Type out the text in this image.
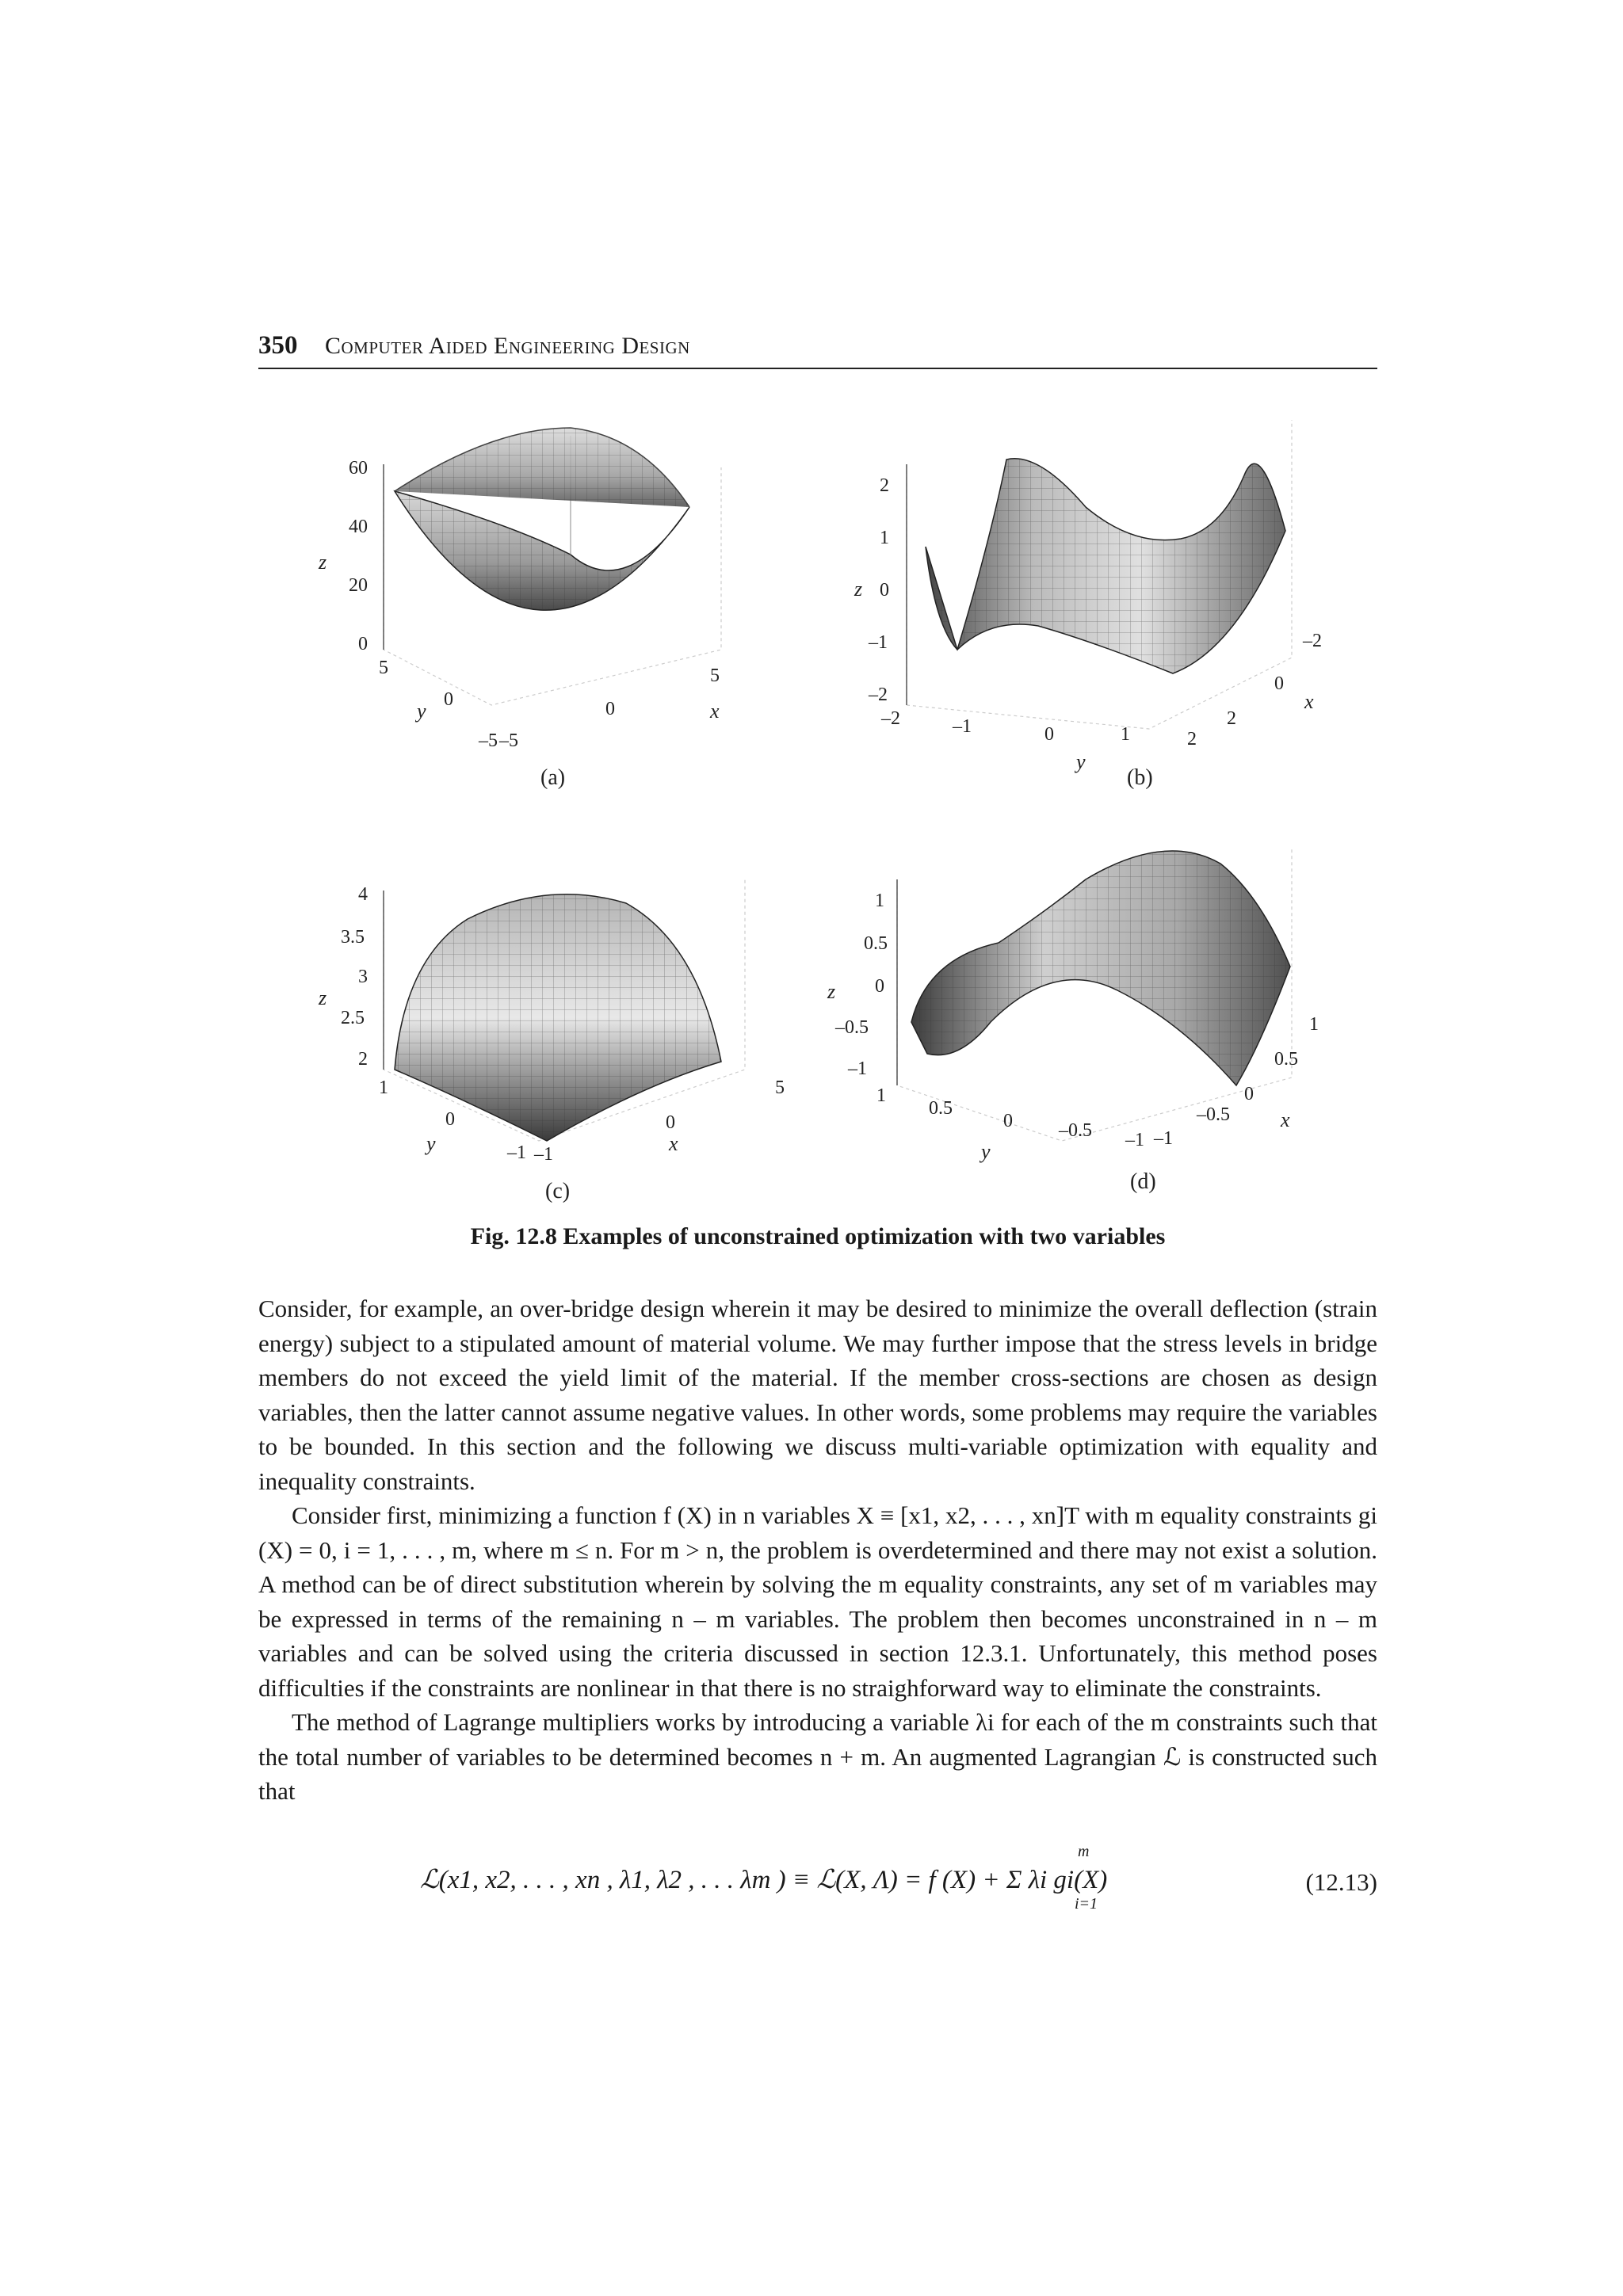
350 Computer Aided Engineering Design
60
40
20
0
z
5
0
–5
y
–5
0
5
x
(a)
2
1
0
–1
–2
z
–2	–1	0	1	2
y
2
0
–2
x
(b)
4
3.5
3
2.5
2
z
1
0
–1
y	–1
0
5
x
(c)
1
0.5
0
–0.5
–1
z
1
0.5
0 –0.5 –1
y
–1
–0.5
0
0.5
1
x
(d)
Fig. 12.8 Examples of unconstrained optimization with two variables

Consider, for example, an over-bridge design wherein it may be desired to minimize the overall deflection (strain energy) subject to a stipulated amount of material volume. We may further impose that the stress levels in bridge members do not exceed the yield limit of the material. If the member cross-sections are chosen as design variables, then the latter cannot assume negative values. In other words, some problems may require the variables to be bounded. In this section and the following we discuss multi-variable optimization with equality and inequality constraints.

Consider first, minimizing a function f (X) in n variables X ≡ [x1, x2, . . . , xn]T with m equality constraints gi (X) = 0, i = 1, . . . , m, where m ≤ n. For m > n, the problem is overdetermined and there may not exist a solution. A method can be of direct substitution wherein by solving the m equality constraints, any set of m variables may be expressed in terms of the remaining n – m variables. The problem then becomes unconstrained in n – m variables and can be solved using the criteria discussed in section 12.3.1. Unfortunately, this method poses difficulties if the constraints are nonlinear in that there is no straighforward way to eliminate the constraints.

The method of Lagrange multipliers works by introducing a variable λi for each of the m constraints such that the total number of variables to be determined becomes n + m. An augmented Lagrangian ℒ is constructed such that

ℒ(x1, x2, . . . , xn , λ1, λ2 , . . . λm ) ≡ ℒ(X, Λ) = f (X) + Σ λi gi(X)
m
i=1
(12.13)
